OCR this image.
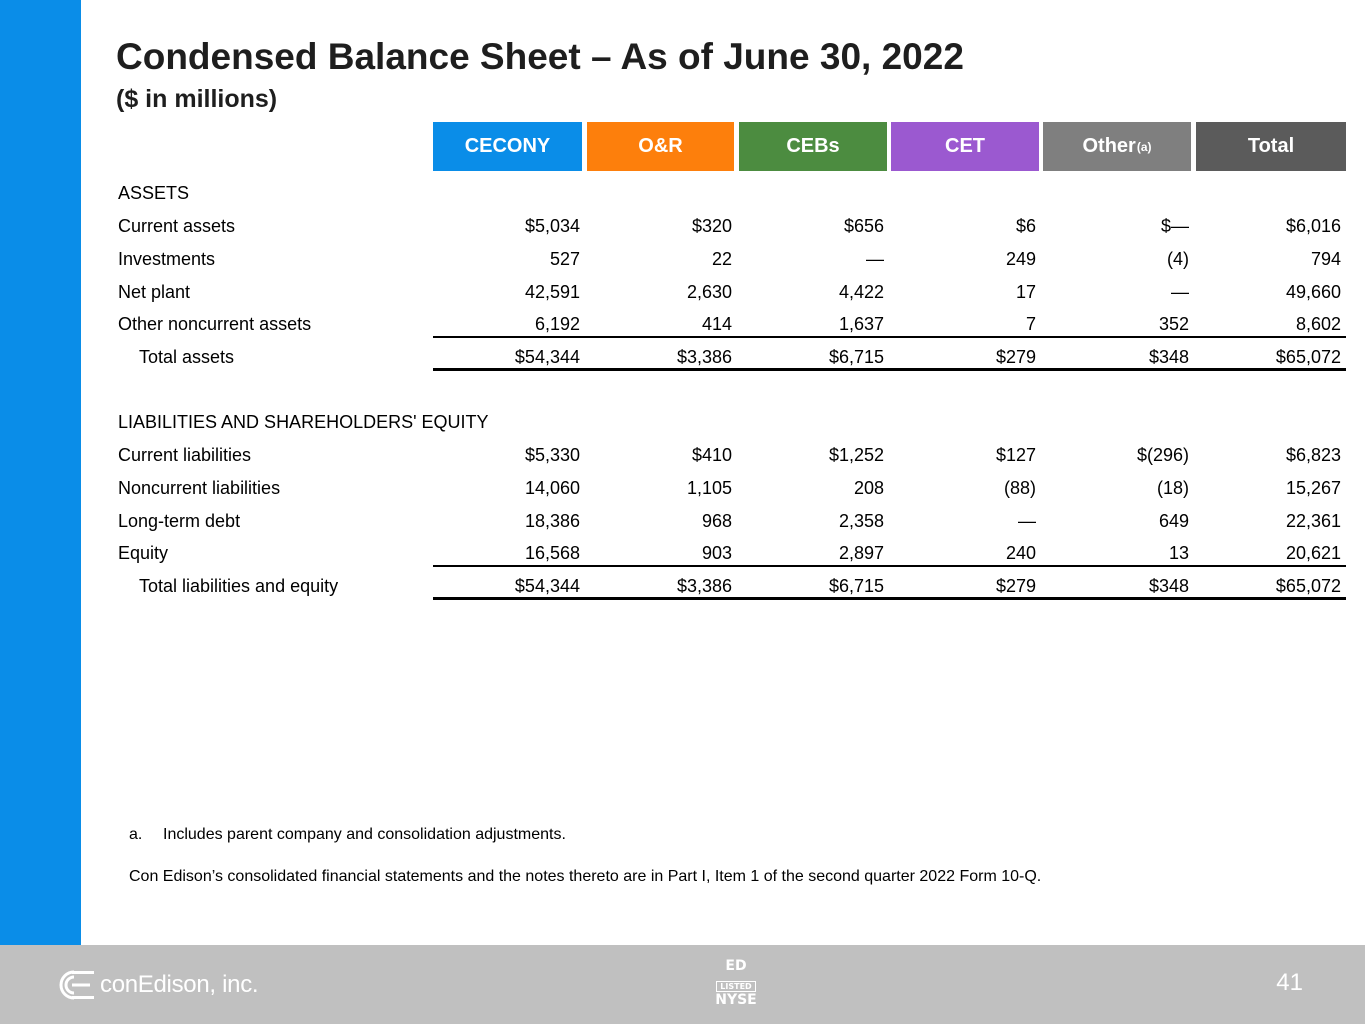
Condensed Balance Sheet – As of June 30, 2022
($ in millions)
CECONY	O&R	CEBs	CET	Other (a)	Total
ASSETS
Current assets	$5,034	$320	$656	$6	$—	$6,016
Investments	527	22	—	249	(4)	794
Net plant	42,591	2,630	4,422	17	—	49,660
Other noncurrent assets	6,192	414	1,637	7	352	8,602
Total assets	$54,344	$3,386	$6,715	$279	$348	$65,072
LIABILITIES AND SHAREHOLDERS' EQUITY
Current liabilities	$5,330	$410	$1,252	$127	$(296)	$6,823
Noncurrent liabilities	14,060	1,105	208	(88)	(18)	15,267
Long-term debt	18,386	968	2,358	—	649	22,361
Equity	16,568	903	2,897	240	13	20,621
Total liabilities and equity	$54,344	$3,386	$6,715	$279	$348	$65,072
a. Includes parent company and consolidation adjustments.
Con Edison’s consolidated financial statements and the notes thereto are in Part I, Item 1 of the second quarter 2022 Form 10-Q.
conEdison, inc.
ED
LISTED
NYSE
41
